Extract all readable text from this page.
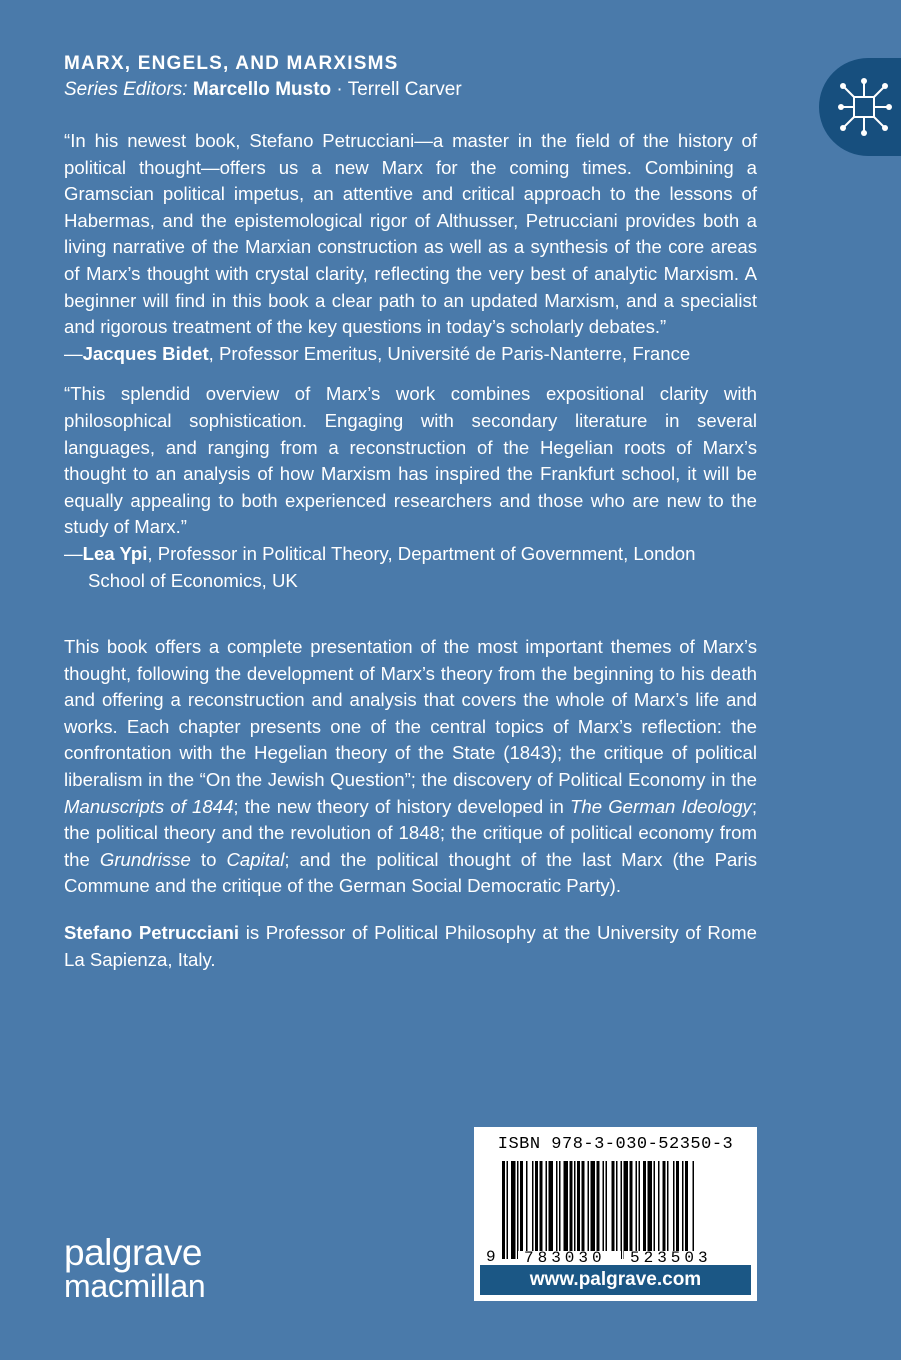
MARX, ENGELS, AND MARXISMS

Series Editors: Marcello Musto · Terrell Carver

“In his newest book, Stefano Petrucciani—a master in the field of the history of political thought—offers us a new Marx for the coming times. Combining a Gramscian political impetus, an attentive and critical approach to the lessons of Habermas, and the epistemological rigor of Althusser, Petrucciani provides both a living narrative of the Marxian construction as well as a synthesis of the core areas of Marx’s thought with crystal clarity, reflecting the very best of analytic Marxism. A beginner will find in this book a clear path to an updated Marxism, and a specialist and rigorous treatment of the key questions in today’s scholarly debates.”

—Jacques Bidet, Professor Emeritus, Université de Paris-Nanterre, France

“This splendid overview of Marx’s work combines expositional clarity with philosophical sophistication. Engaging with secondary literature in several languages, and ranging from a reconstruction of the Hegelian roots of Marx’s thought to an analysis of how Marxism has inspired the Frankfurt school, it will be equally appealing to both experienced researchers and those who are new to the study of Marx.”

—Lea Ypi, Professor in Political Theory, Department of Government, London
School of Economics, UK

This book offers a complete presentation of the most important themes of Marx’s thought, following the development of Marx’s theory from the beginning to his death and offering a reconstruction and analysis that covers the whole of Marx’s life and works. Each chapter presents one of the central topics of Marx’s reflection: the confrontation with the Hegelian theory of the State (1843); the critique of political liberalism in the “On the Jewish Question”; the discovery of Political Economy in the Manuscripts of 1844; the new theory of history developed in The German Ideology; the political theory and the revolution of 1848; the critique of political economy from the Grundrisse to Capital; and the political thought of the last Marx (the Paris Commune and the critique of the German Social Democratic Party).

Stefano Petrucciani is Professor of Political Philosophy at the University of Rome La Sapienza, Italy.

palgrave

macmillan

ISBN 978-3-030-52350-3
9 783030 523503
www.palgrave.com
